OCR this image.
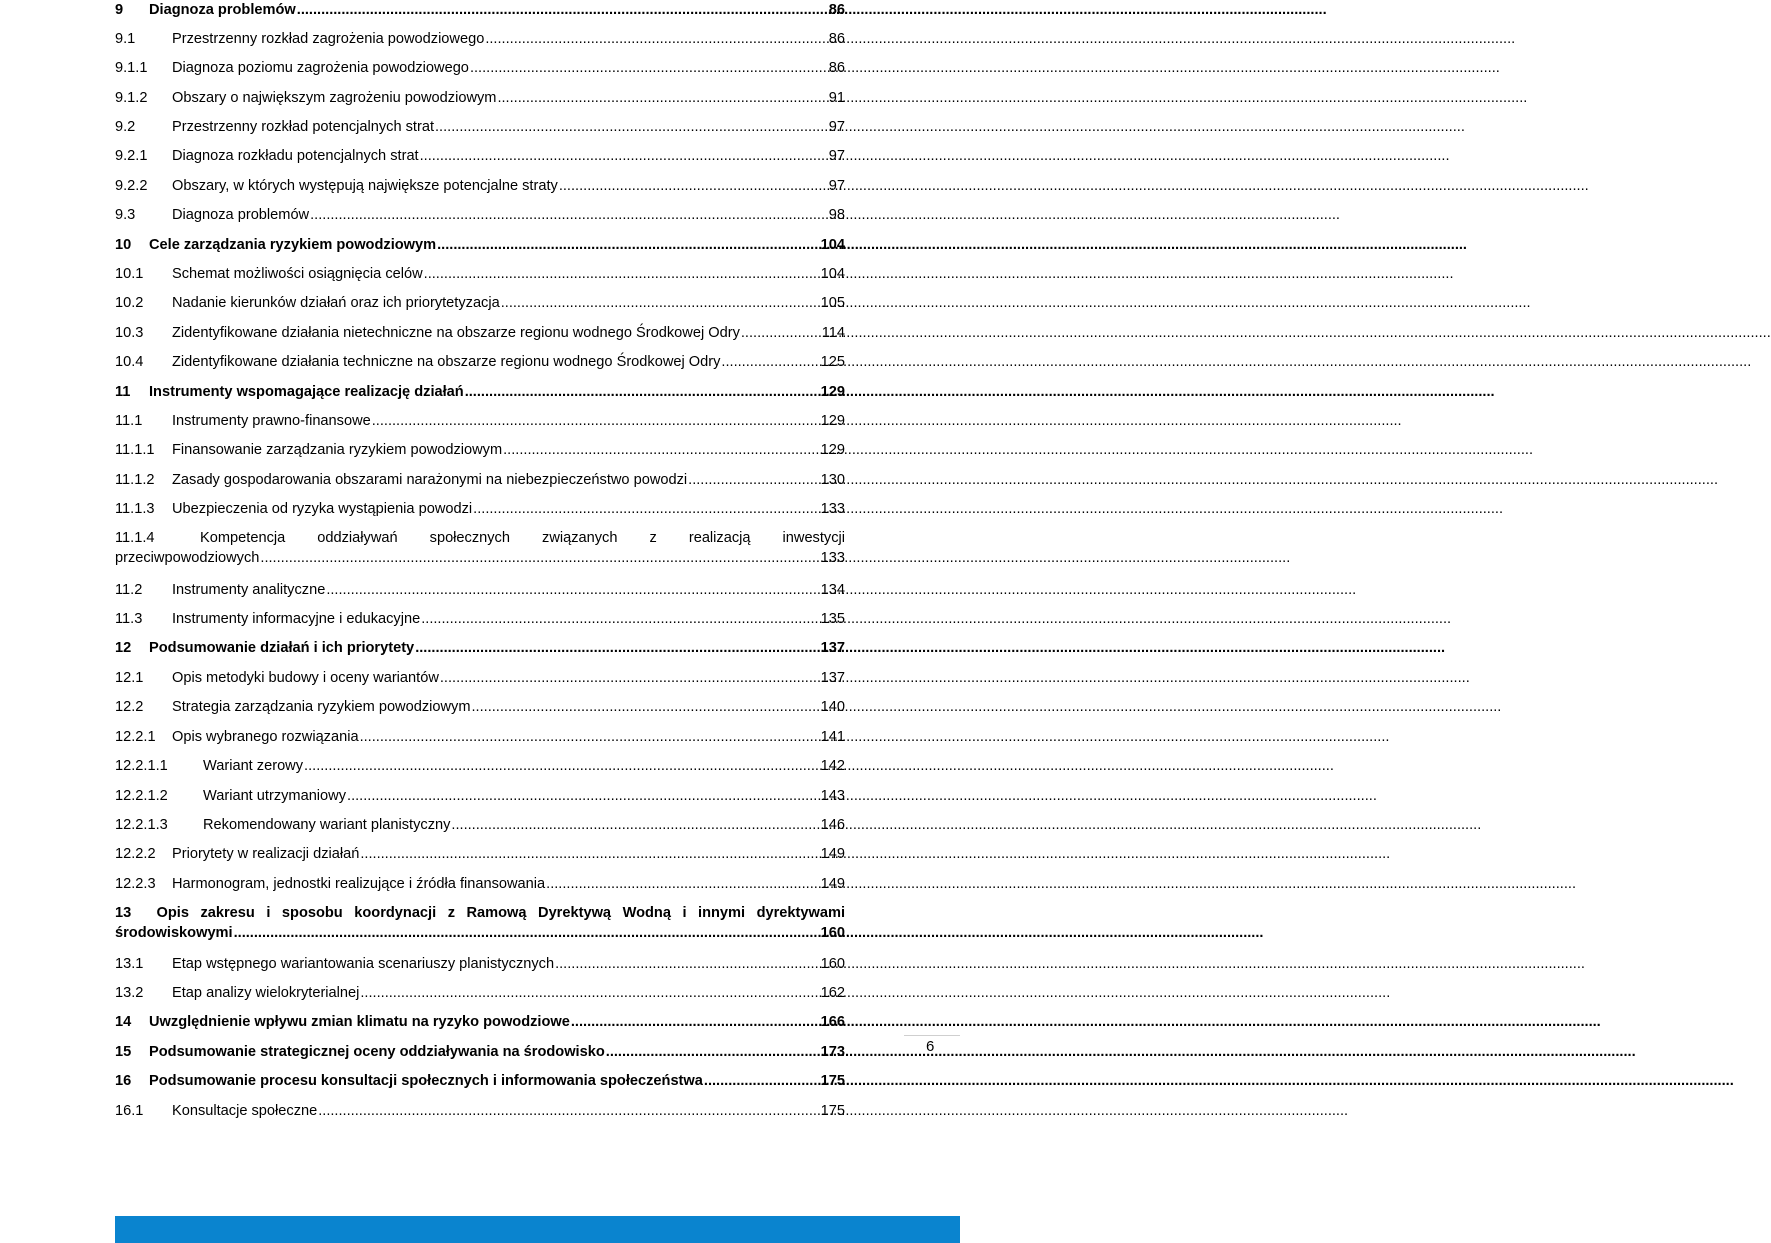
9	Diagnoza problemów .....	86
9.1	Przestrzenny rozkład zagrożenia powodziowego .....	86
9.1.1	Diagnoza poziomu zagrożenia powodziowego .....	86
9.1.2	Obszary o największym zagrożeniu powodziowym .....	91
9.2	Przestrzenny rozkład potencjalnych strat .....	97
9.2.1	Diagnoza rozkładu potencjalnych strat .....	97
9.2.2	Obszary, w których występują największe potencjalne straty .....	97
9.3	Diagnoza problemów .....	98
10	Cele zarządzania ryzykiem powodziowym .....	104
10.1	Schemat możliwości osiągnięcia celów .....	104
10.2	Nadanie kierunków działań oraz ich priorytetyzacja .....	105
10.3	Zidentyfikowane działania nietechniczne na obszarze regionu wodnego Środkowej Odry .....	114
10.4	Zidentyfikowane działania techniczne na obszarze regionu wodnego Środkowej Odry .....	125
11	Instrumenty wspomagające realizację działań .....	129
11.1	Instrumenty prawno-finansowe .....	129
11.1.1	Finansowanie zarządzania ryzykiem powodziowym .....	129
11.1.2	Zasady gospodarowania obszarami narażonymi na niebezpieczeństwo powodzi .....	130
11.1.3	Ubezpieczenia od ryzyka wystąpienia powodzi .....	133
11.1.4	Kompetencja oddziaływań społecznych związanych z realizacją inwestycji
przeciwpowodziowych .....	133
11.2	Instrumenty analityczne .....	134
11.3	Instrumenty informacyjne i edukacyjne .....	135
12	Podsumowanie działań i ich priorytety .....	137
12.1	Opis metodyki budowy i oceny wariantów .....	137
12.2	Strategia zarządzania ryzykiem powodziowym .....	140
12.2.1	Opis wybranego rozwiązania .....	141
12.2.1.1	Wariant zerowy .....	142
12.2.1.2	Wariant utrzymaniowy .....	143
12.2.1.3	Rekomendowany wariant planistyczny .....	146
12.2.2	Priorytety w realizacji działań .....	149
12.2.3	Harmonogram, jednostki realizujące i źródła finansowania .....	149
13	Opis zakresu i sposobu koordynacji z Ramową Dyrektywą Wodną i innymi dyrektywami
środowiskowymi .....	160
13.1	Etap wstępnego wariantowania scenariuszy planistycznych .....	160
13.2	Etap analizy wielokryterialnej .....	162
14	Uwzględnienie wpływu zmian klimatu na ryzyko powodziowe .....	166
15	Podsumowanie strategicznej oceny oddziaływania na środowisko .....	173
16	Podsumowanie procesu konsultacji społecznych i informowania społeczeństwa .....	175
16.1	Konsultacje społeczne .....	175
6
